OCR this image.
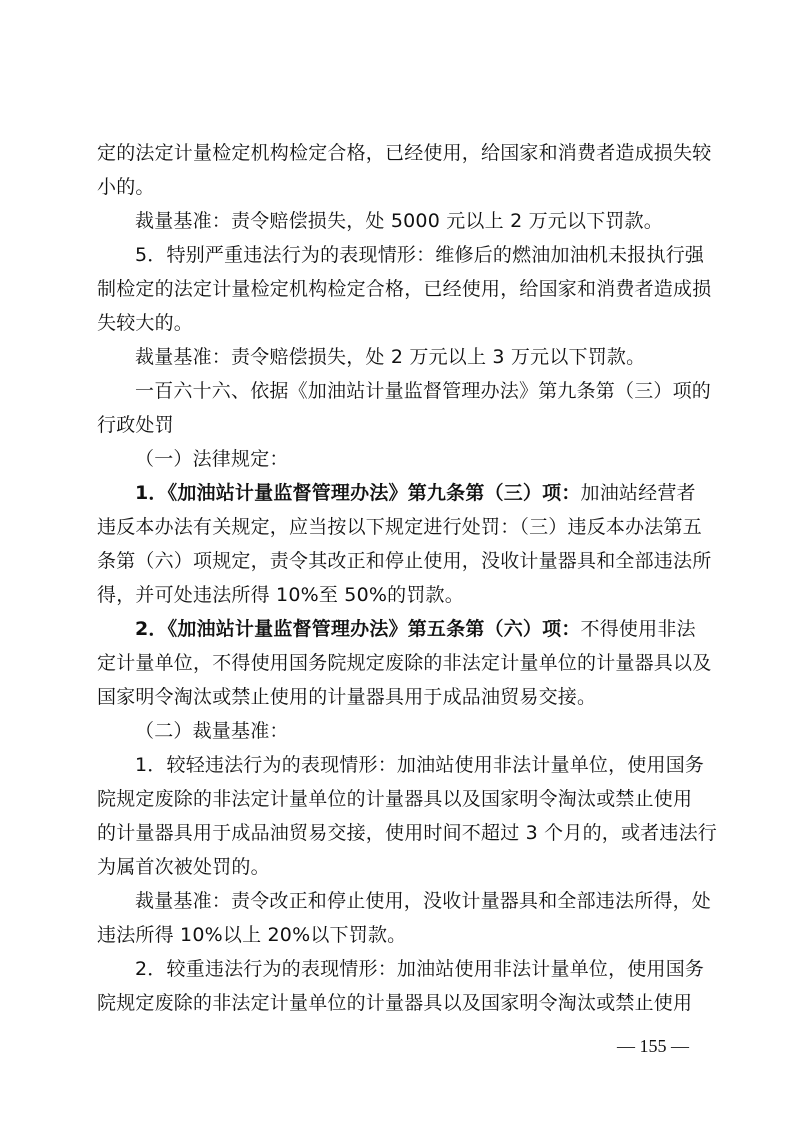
定的法定计量检定机构检定合格，已经使用，给国家和消费者造成损失较
小的。
裁量基准：责令赔偿损失，处 5000 元以上 2 万元以下罚款。
5．特别严重违法行为的表现情形：维修后的燃油加油机未报执行强
制检定的法定计量检定机构检定合格，已经使用，给国家和消费者造成损
失较大的。
裁量基准：责令赔偿损失，处 2 万元以上 3 万元以下罚款。
一百六十六、依据《加油站计量监督管理办法》第九条第（三）项的
行政处罚
（一）法律规定：
1．《加油站计量监督管理办法》第九条第（三）项：加油站经营者
违反本办法有关规定，应当按以下规定进行处罚：（三）违反本办法第五
条第（六）项规定，责令其改正和停止使用，没收计量器具和全部违法所
得，并可处违法所得 10%至 50%的罚款。
2．《加油站计量监督管理办法》第五条第（六）项：不得使用非法
定计量单位，不得使用国务院规定废除的非法定计量单位的计量器具以及
国家明令淘汰或禁止使用的计量器具用于成品油贸易交接。
（二）裁量基准：
1．较轻违法行为的表现情形：加油站使用非法计量单位，使用国务
院规定废除的非法定计量单位的计量器具以及国家明令淘汰或禁止使用
的计量器具用于成品油贸易交接，使用时间不超过 3 个月的，或者违法行
为属首次被处罚的。
裁量基准：责令改正和停止使用，没收计量器具和全部违法所得，处
违法所得 10%以上 20%以下罚款。
2．较重违法行为的表现情形：加油站使用非法计量单位，使用国务
院规定废除的非法定计量单位的计量器具以及国家明令淘汰或禁止使用
— 155 —
